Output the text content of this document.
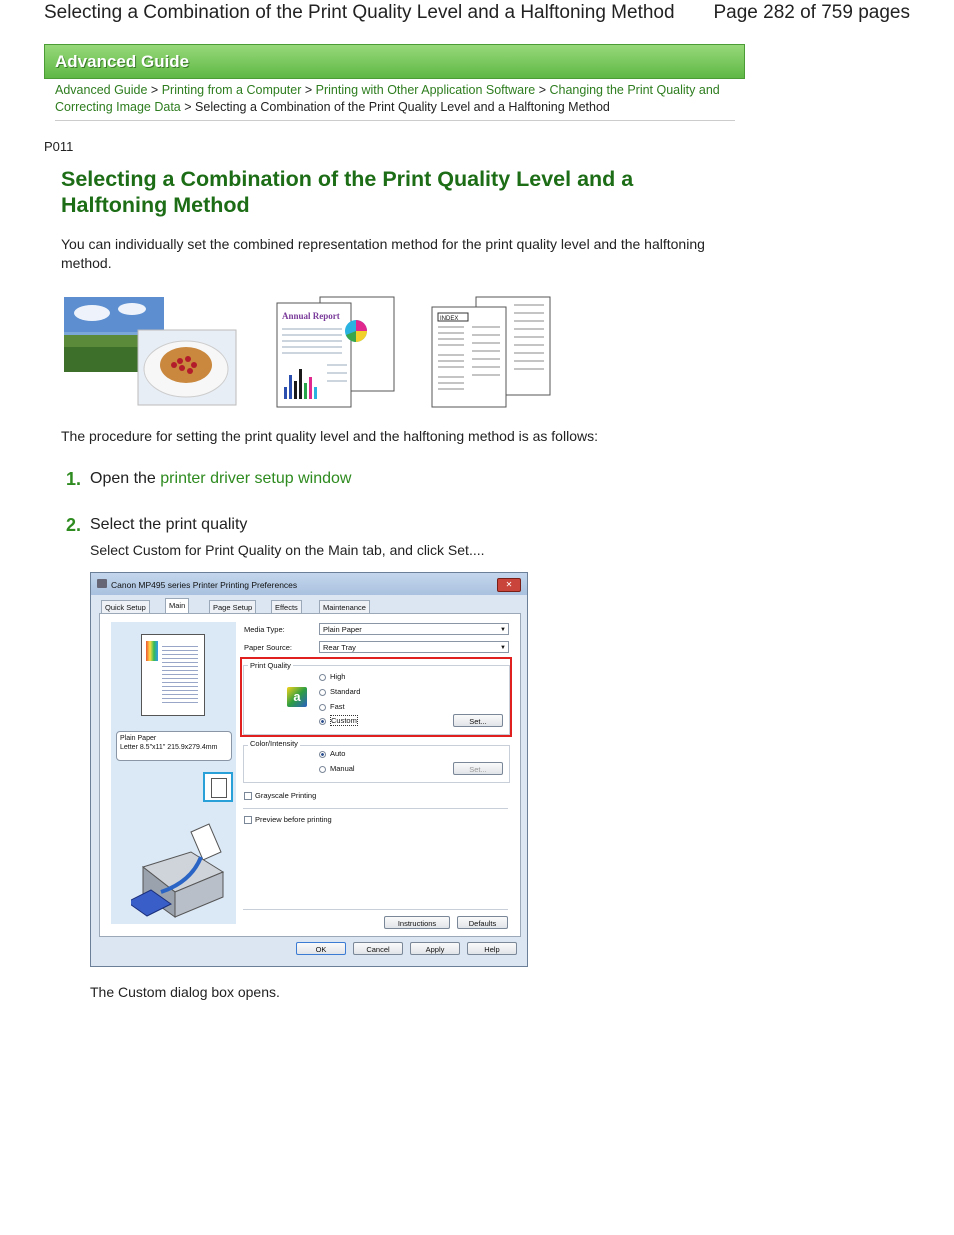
Selecting a Combination of the Print Quality Level and a Halftoning Method Page 282 of 759 pages
Advanced Guide
Advanced Guide > Printing from a Computer > Printing with Other Application Software > Changing the Print Quality and Correcting Image Data > Selecting a Combination of the Print Quality Level and a Halftoning Method
P011
Selecting a Combination of the Print Quality Level and a Halftoning Method
You can individually set the combined representation method for the print quality level and the halftoning method.
Annual Report	INDEX
The procedure for setting the print quality level and the halftoning method is as follows:
1. Open the printer driver setup window
2. Select the print quality
Select Custom for Print Quality on the Main tab, and click Set....
Canon MP495 series Printer Printing Preferences	✕
Quick Setup	Main	Page Setup	Effects	Maintenance
Plain Paper
Letter 8.5"x11" 215.9x279.4mm
Media Type:	Plain Paper	▼
Paper Source:	Rear Tray	▼
Print Quality
a
High
Standard
Fast
Custom	Set...
Color/Intensity
Auto
Manual	Set...
Grayscale Printing
Preview before printing
Instructions	Defaults
OK	Cancel	Apply	Help
The Custom dialog box opens.
